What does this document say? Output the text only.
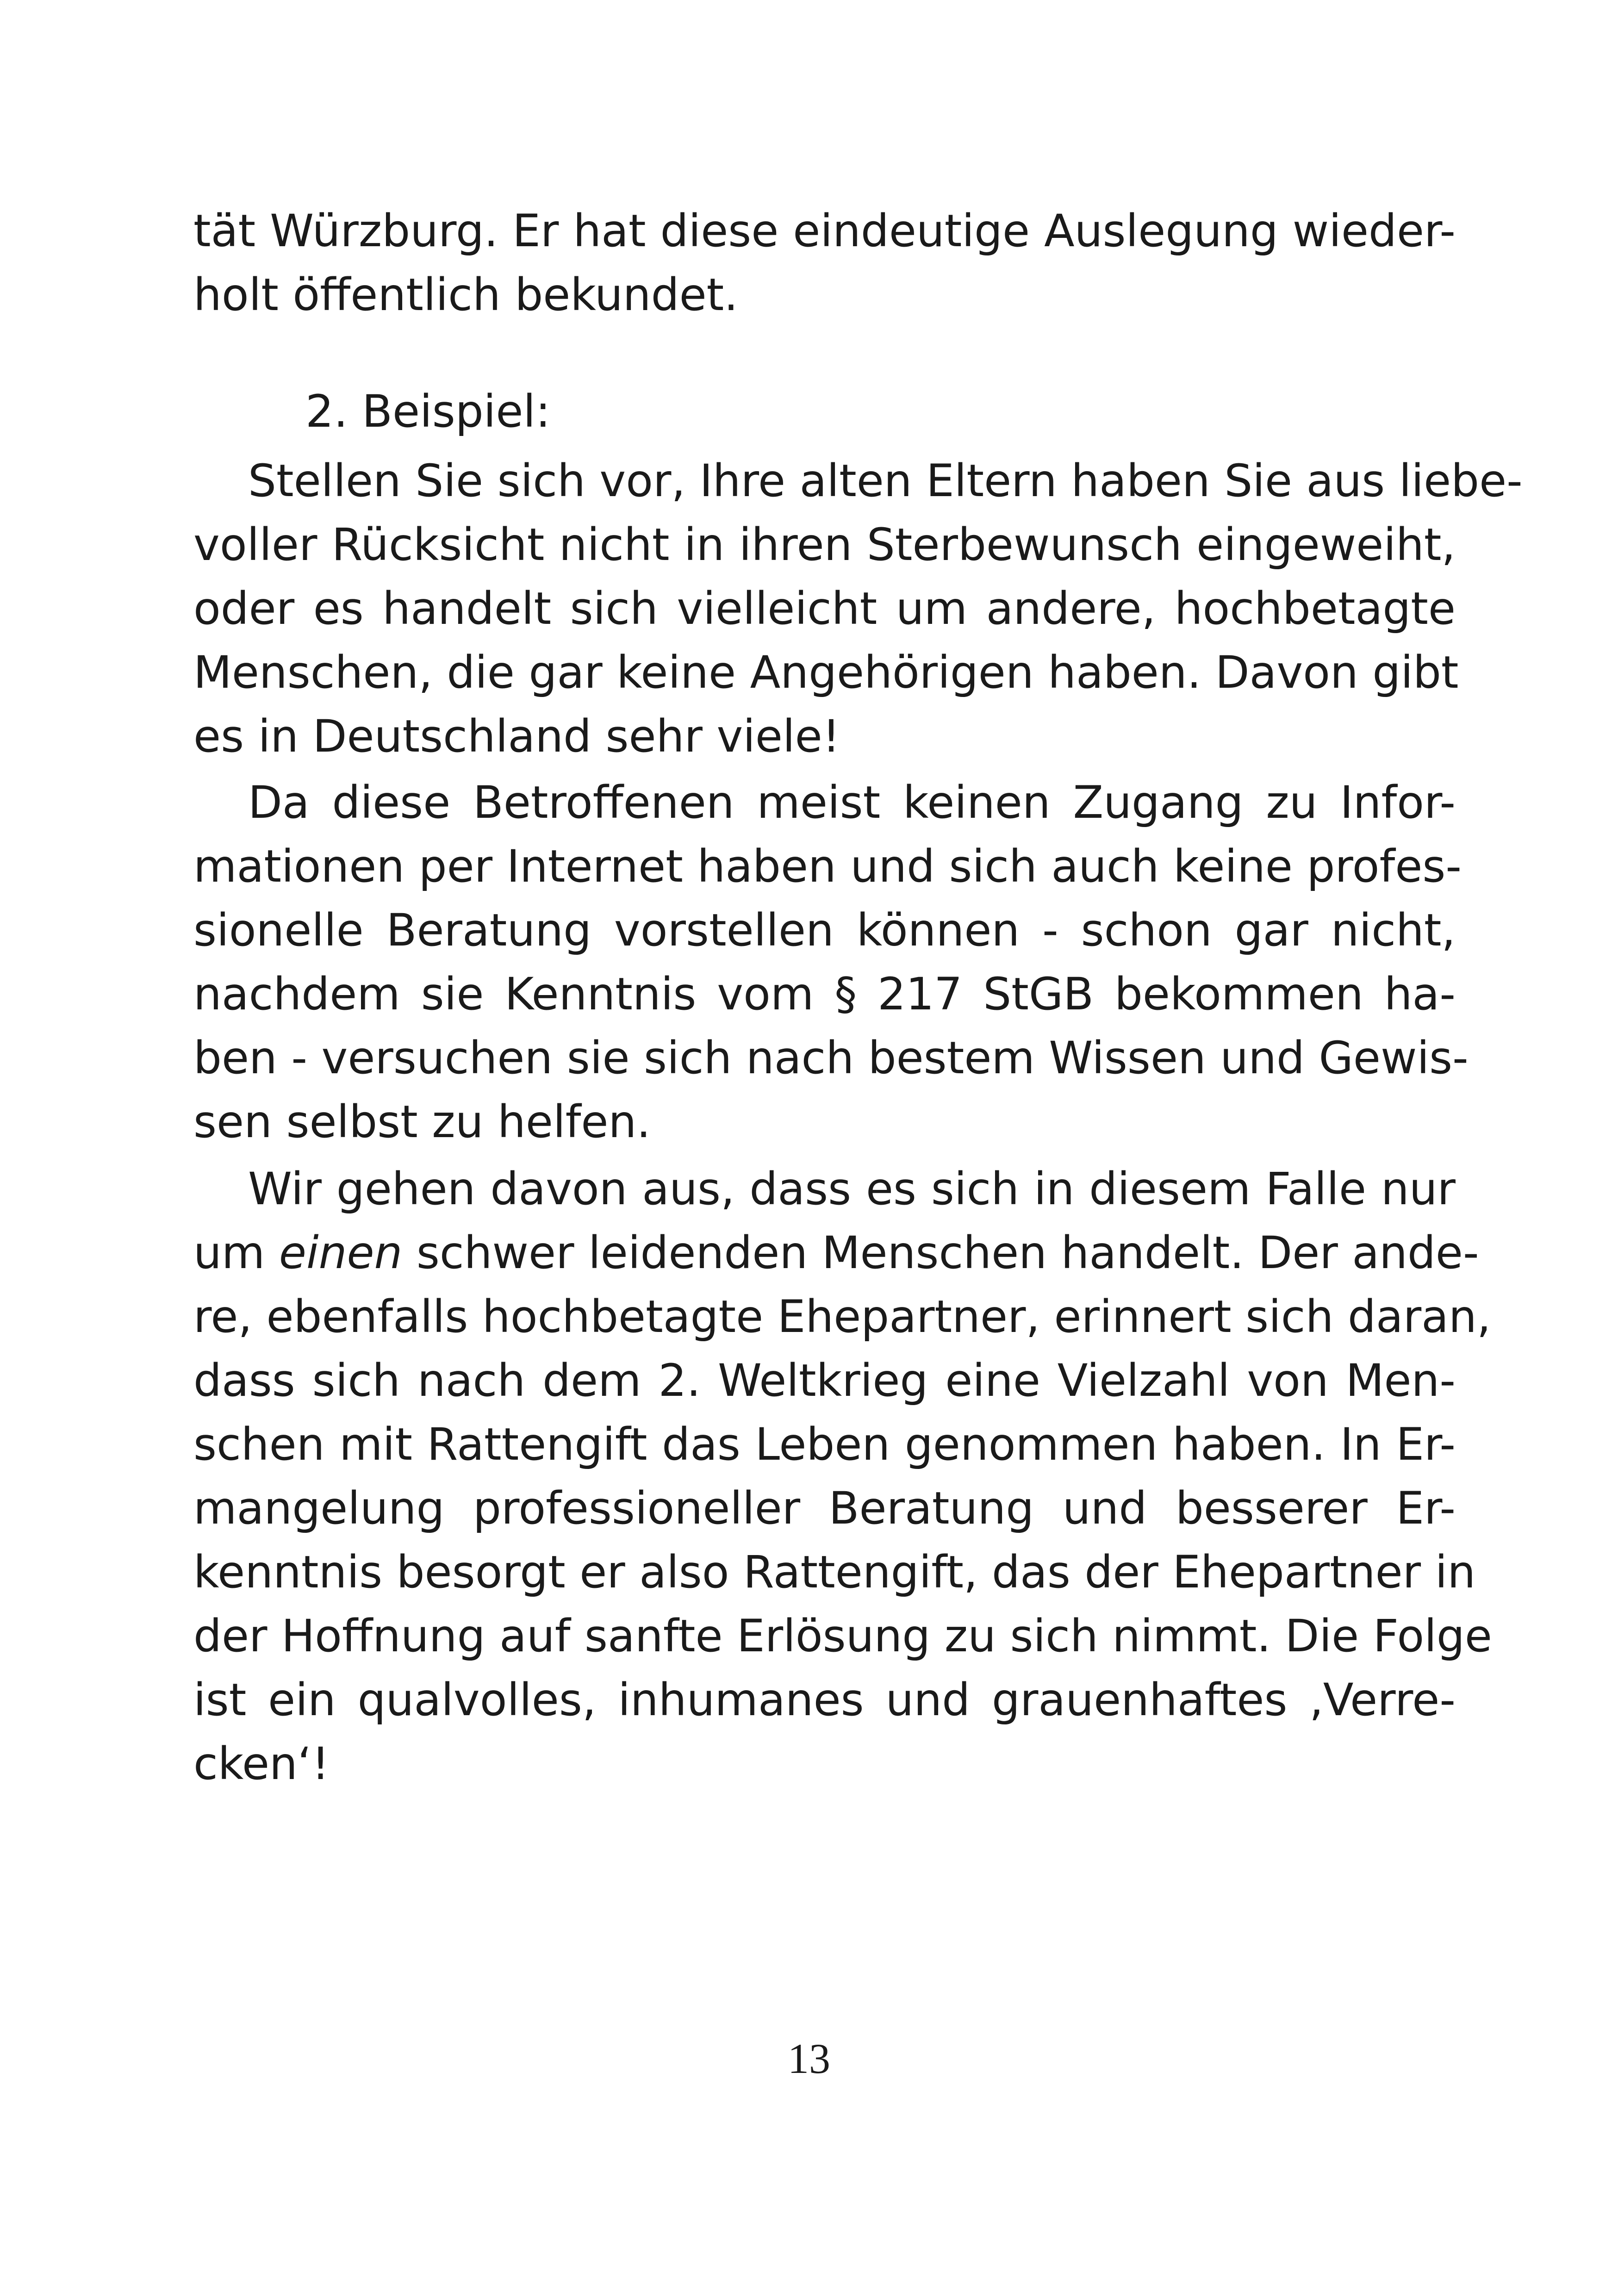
tät Würzburg. Er hat diese eindeutige Auslegung wieder-
holt öffentlich bekundet.
2. Beispiel:
Stellen Sie sich vor, Ihre alten Eltern haben Sie aus liebe-
voller Rücksicht nicht in ihren Sterbewunsch eingeweiht,
oder es handelt sich vielleicht um andere, hochbetagte
Menschen, die gar keine Angehörigen haben. Davon gibt
es in Deutschland sehr viele!
Da diese Betroffenen meist keinen Zugang zu Infor-
mationen per Internet haben und sich auch keine profes-
sionelle Beratung vorstellen können - schon gar nicht,
nachdem sie Kenntnis vom § 217 StGB bekommen ha-
ben - versuchen sie sich nach bestem Wissen und Gewis-
sen selbst zu helfen.
Wir gehen davon aus, dass es sich in diesem Falle nur
um einen schwer leidenden Menschen handelt. Der ande-
re, ebenfalls hochbetagte Ehepartner, erinnert sich daran,
dass sich nach dem 2. Weltkrieg eine Vielzahl von Men-
schen mit Rattengift das Leben genommen haben. In Er-
mangelung professioneller Beratung und besserer Er-
kenntnis besorgt er also Rattengift, das der Ehepartner in
der Hoffnung auf sanfte Erlösung zu sich nimmt. Die Folge
ist ein qualvolles, inhumanes und grauenhaftes ‚Verre-
cken‘!
13
